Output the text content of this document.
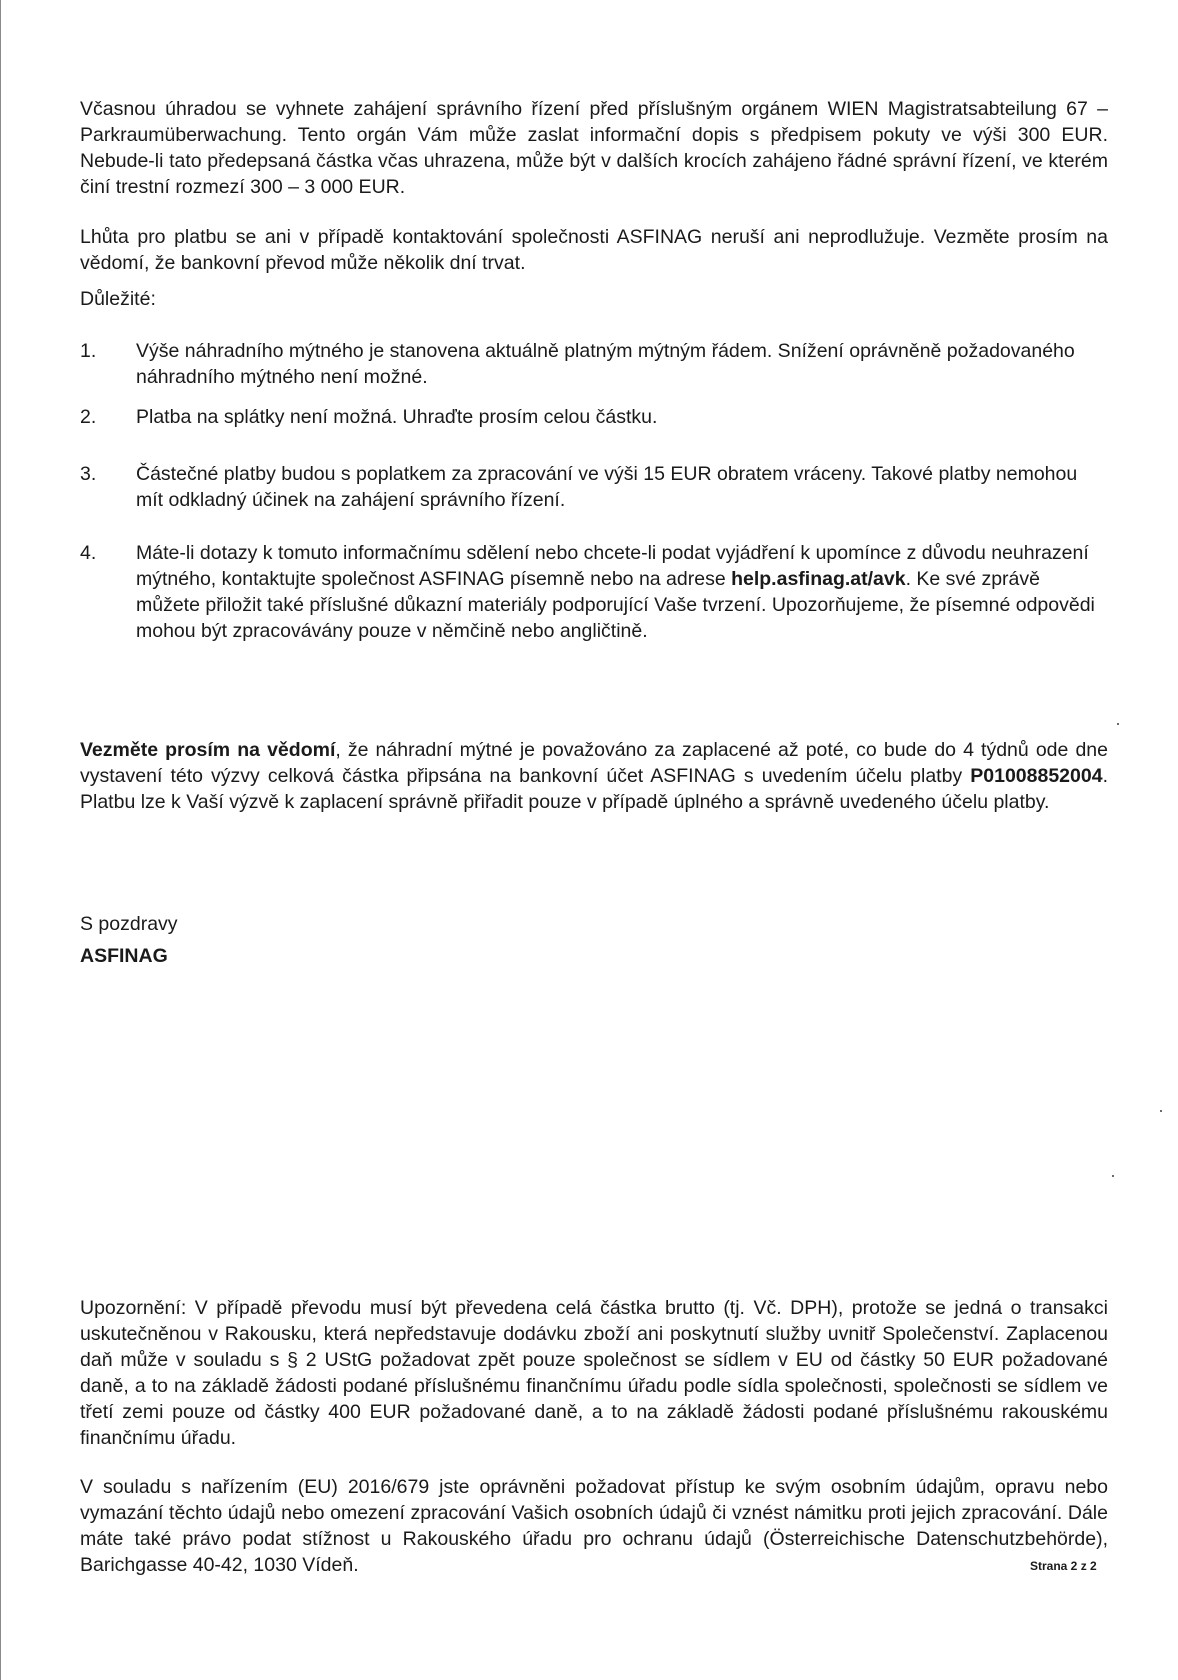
Včasnou úhradou se vyhnete zahájení správního řízení před příslušným orgánem WIEN Magistratsabteilung 67 – Parkraumüberwachung. Tento orgán Vám může zaslat informační dopis s předpisem pokuty ve výši 300 EUR. Nebude-li tato předepsaná částka včas uhrazena, může být v dalších krocích zahájeno řádné správní řízení, ve kterém činí trestní rozmezí 300 – 3 000 EUR.

Lhůta pro platbu se ani v případě kontaktování společnosti ASFINAG neruší ani neprodlužuje. Vezměte prosím na vědomí, že bankovní převod může několik dní trvat.

Důležité:

1. Výše náhradního mýtného je stanovena aktuálně platným mýtným řádem. Snížení oprávněně požadovaného náhradního mýtného není možné.
2. Platba na splátky není možná. Uhraďte prosím celou částku.
3. Částečné platby budou s poplatkem za zpracování ve výši 15 EUR obratem vráceny. Takové platby nemohou mít odkladný účinek na zahájení správního řízení.
4. Máte-li dotazy k tomuto informačnímu sdělení nebo chcete-li podat vyjádření k upomínce z důvodu neuhrazení mýtného, kontaktujte společnost ASFINAG písemně nebo na adrese help.asfinag.at/avk. Ke své zprávě můžete přiložit také příslušné důkazní materiály podporující Vaše tvrzení. Upozorňujeme, že písemné odpovědi mohou být zpracovávány pouze v němčině nebo angličtině.

Vezměte prosím na vědomí, že náhradní mýtné je považováno za zaplacené až poté, co bude do 4 týdnů ode dne vystavení této výzvy celková částka připsána na bankovní účet ASFINAG s uvedením účelu platby P01008852004. Platbu lze k Vaší výzvě k zaplacení správně přiřadit pouze v případě úplného a správně uvedeného účelu platby.

S pozdravy

ASFINAG

Upozornění: V případě převodu musí být převedena celá částka brutto (tj. Vč. DPH), protože se jedná o transakci uskutečněnou v Rakousku, která nepředstavuje dodávku zboží ani poskytnutí služby uvnitř Společenství. Zaplacenou daň může v souladu s § 2 UStG požadovat zpět pouze společnost se sídlem v EU od částky 50 EUR požadované daně, a to na základě žádosti podané příslušnému finančnímu úřadu podle sídla společnosti, společnosti se sídlem ve třetí zemi pouze od částky 400 EUR požadované daně, a to na základě žádosti podané příslušnému rakouskému finančnímu úřadu.

V souladu s nařízením (EU) 2016/679 jste oprávněni požadovat přístup ke svým osobním údajům, opravu nebo vymazání těchto údajů nebo omezení zpracování Vašich osobních údajů či vznést námitku proti jejich zpracování. Dále máte také právo podat stížnost u Rakouského úřadu pro ochranu údajů (Österreichische Datenschutzbehörde), Barichgasse 40-42, 1030 Vídeň.	Strana 2 z 2
